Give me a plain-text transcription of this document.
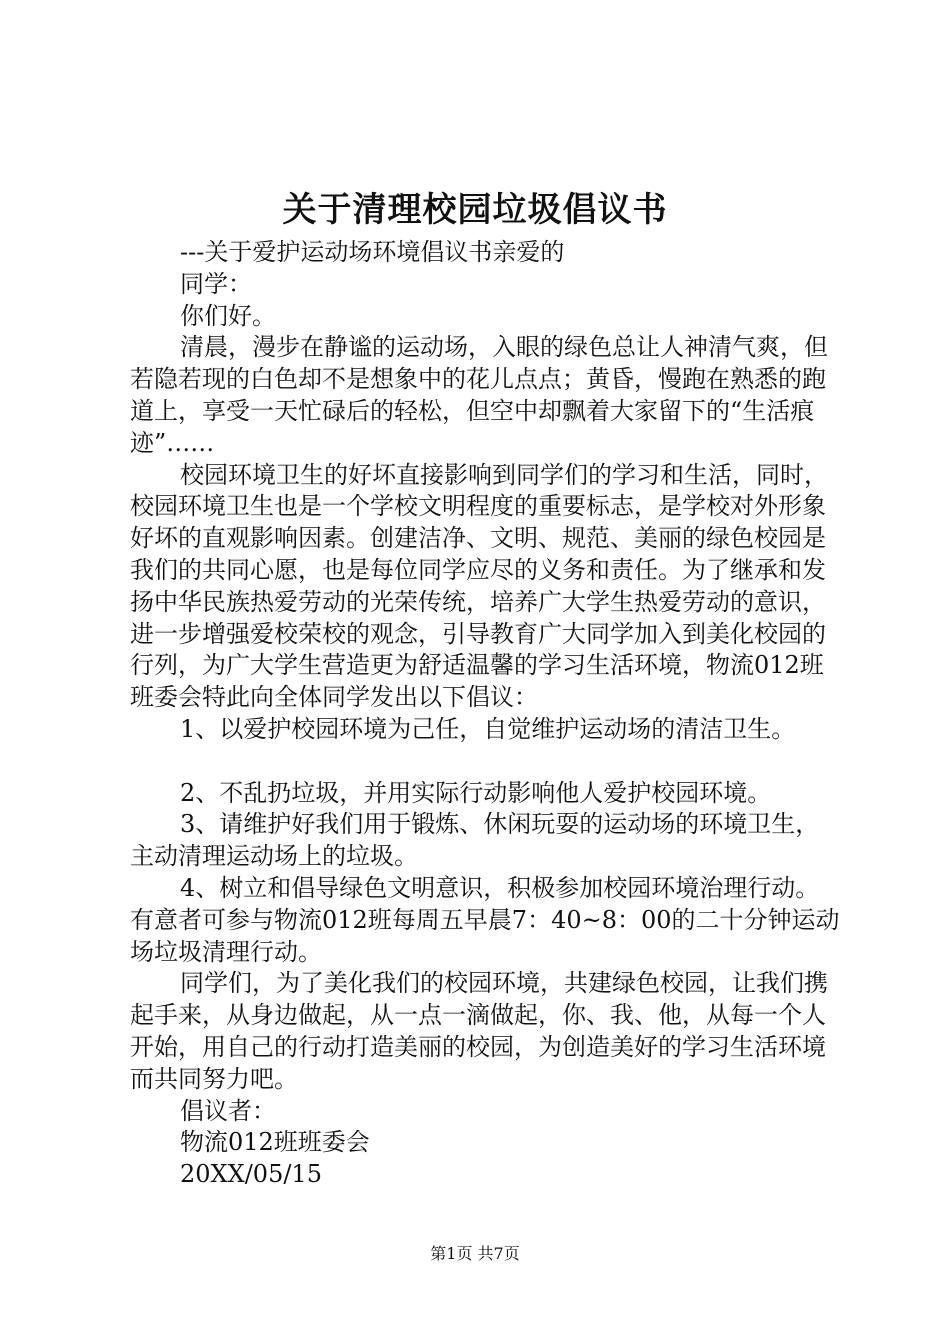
关于清理校园垃圾倡议书

---关于爱护运动场环境倡议书亲爱的

同学：

你们好。

清晨，漫步在静谧的运动场，入眼的绿色总让人神清气爽，但若隐若现的白色却不是想象中的花儿点点；黄昏，慢跑在熟悉的跑道上，享受一天忙碌后的轻松，但空中却飘着大家留下的“生活痕迹”……

校园环境卫生的好坏直接影响到同学们的学习和生活，同时，校园环境卫生也是一个学校文明程度的重要标志，是学校对外形象好坏的直观影响因素。创建洁净、文明、规范、美丽的绿色校园是我们的共同心愿，也是每位同学应尽的义务和责任。为了继承和发扬中华民族热爱劳动的光荣传统，培养广大学生热爱劳动的意识，进一步增强爱校荣校的观念，引导教育广大同学加入到美化校园的行列，为广大学生营造更为舒适温馨的学习生活环境，物流012班班委会特此向全体同学发出以下倡议：

1、以爱护校园环境为己任，自觉维护运动场的清洁卫生。

2、不乱扔垃圾，并用实际行动影响他人爱护校园环境。

3、请维护好我们用于锻炼、休闲玩耍的运动场的环境卫生，主动清理运动场上的垃圾。

4、树立和倡导绿色文明意识，积极参加校园环境治理行动。有意者可参与物流012班每周五早晨7：40~8：00的二十分钟运动场垃圾清理行动。

同学们，为了美化我们的校园环境，共建绿色校园，让我们携起手来，从身边做起，从一点一滴做起，你、我、他，从每一个人开始，用自己的行动打造美丽的校园，为创造美好的学习生活环境而共同努力吧。

倡议者：

物流012班班委会

20XX/05/15

第1页 共7页
